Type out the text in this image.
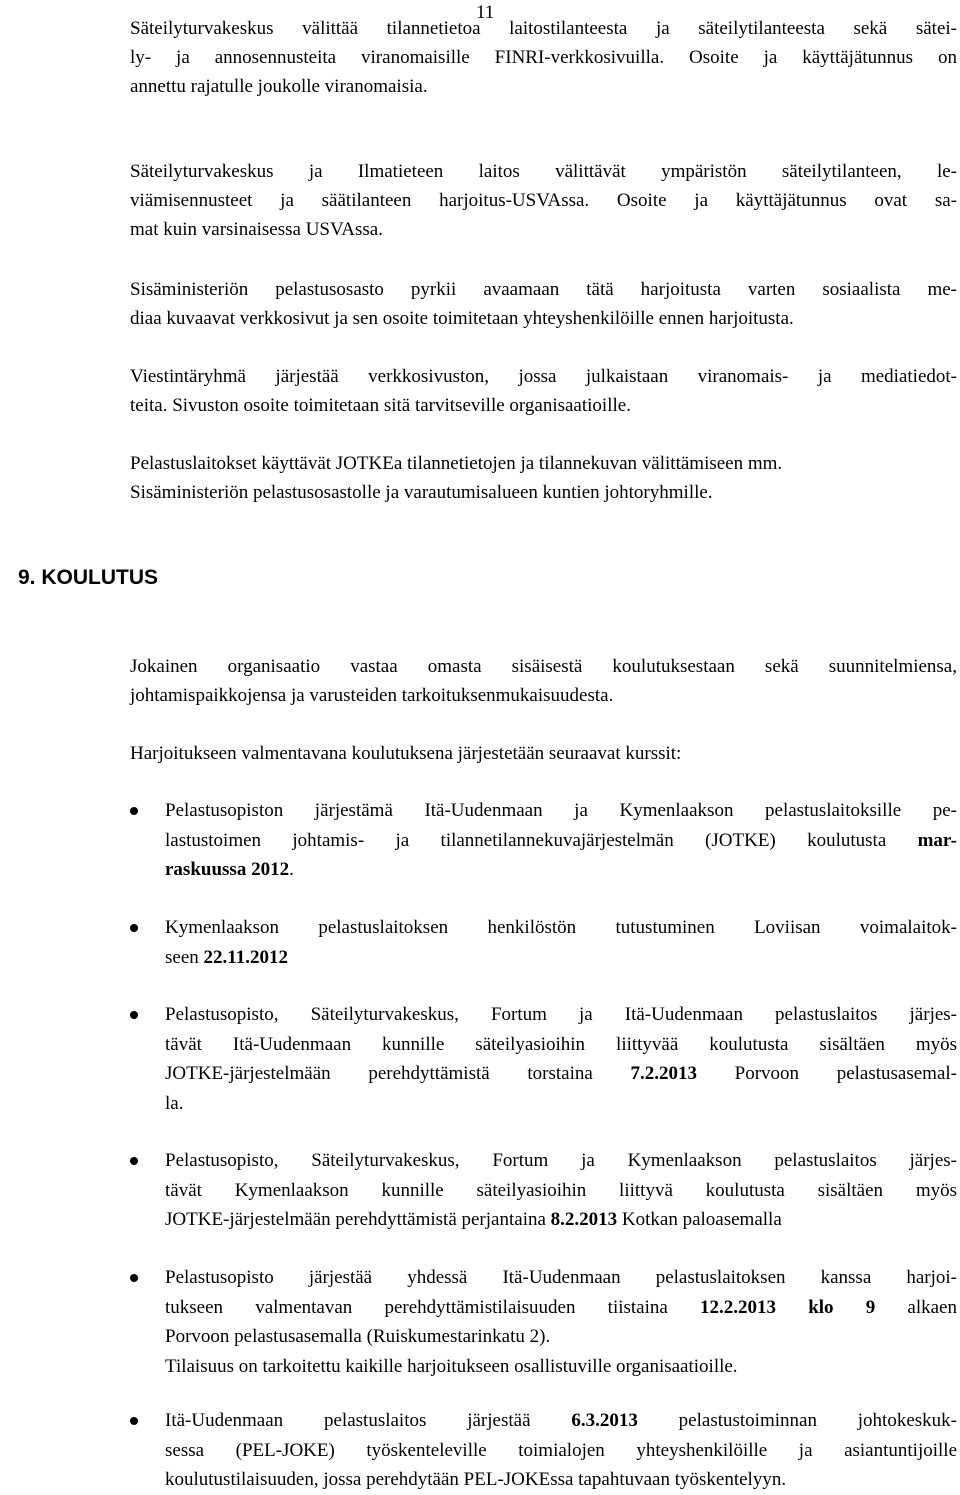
11
Säteilyturvakeskus välittää tilannetietoa laitostilanteesta ja säteilytilanteesta sekä sätei-
ly- ja annosennusteita viranomaisille FINRI-verkkosivuilla. Osoite ja käyttäjätunnus on
annettu rajatulle joukolle viranomaisia.
Säteilyturvakeskus ja Ilmatieteen laitos välittävät ympäristön säteilytilanteen, le-
viämisennusteet ja säätilanteen harjoitus-USVAssa. Osoite ja käyttäjätunnus ovat sa-
mat kuin varsinaisessa USVAssa.
Sisäministeriön pelastusosasto pyrkii avaamaan tätä harjoitusta varten sosiaalista me-
diaa kuvaavat verkkosivut ja sen osoite toimitetaan yhteyshenkilöille ennen harjoitusta.
Viestintäryhmä järjestää verkkosivuston, jossa julkaistaan viranomais- ja mediatiedot-
teita. Sivuston osoite toimitetaan sitä tarvitseville organisaatioille.
Pelastuslaitokset käyttävät JOTKEa tilannetietojen ja tilannekuvan välittämiseen mm.
Sisäministeriön pelastusosastolle ja varautumisalueen kuntien johtoryhmille.
9. KOULUTUS
Jokainen organisaatio vastaa omasta sisäisestä koulutuksestaan sekä suunnitelmiensa,
johtamispaikkojensa ja varusteiden tarkoituksenmukaisuudesta.
Harjoitukseen valmentavana koulutuksena järjestetään seuraavat kurssit:
Pelastusopiston järjestämä Itä-Uudenmaan ja Kymenlaakson pelastuslaitoksille pe-
lastustoimen johtamis- ja tilannetilannekuvajärjestelmän (JOTKE) koulutusta mar-
raskuussa 2012.
Kymenlaakson pelastuslaitoksen henkilöstön tutustuminen Loviisan voimalaitok-
seen 22.11.2012
Pelastusopisto, Säteilyturvakeskus, Fortum ja Itä-Uudenmaan pelastuslaitos järjes-
tävät Itä-Uudenmaan kunnille säteilyasioihin liittyvää koulutusta sisältäen myös
JOTKE-järjestelmään perehdyttämistä torstaina 7.2.2013 Porvoon pelastusasemal-
la.
Pelastusopisto, Säteilyturvakeskus, Fortum ja Kymenlaakson pelastuslaitos järjes-
tävät Kymenlaakson kunnille säteilyasioihin liittyvä koulutusta sisältäen myös
JOTKE-järjestelmään perehdyttämistä perjantaina 8.2.2013 Kotkan paloasemalla
Pelastusopisto järjestää yhdessä Itä-Uudenmaan pelastuslaitoksen kanssa harjoi-
tukseen valmentavan perehdyttämistilaisuuden tiistaina 12.2.2013 klo 9 alkaen
Porvoon pelastusasemalla (Ruiskumestarinkatu 2).
Tilaisuus on tarkoitettu kaikille harjoitukseen osallistuville organisaatioille.
Itä-Uudenmaan pelastuslaitos järjestää 6.3.2013 pelastustoiminnan johtokeskuk-
sessa (PEL-JOKE) työskenteleville toimialojen yhteyshenkilöille ja asiantuntijoille
koulutustilaisuuden, jossa perehdytään PEL-JOKEssa tapahtuvaan työskentelyyn.
